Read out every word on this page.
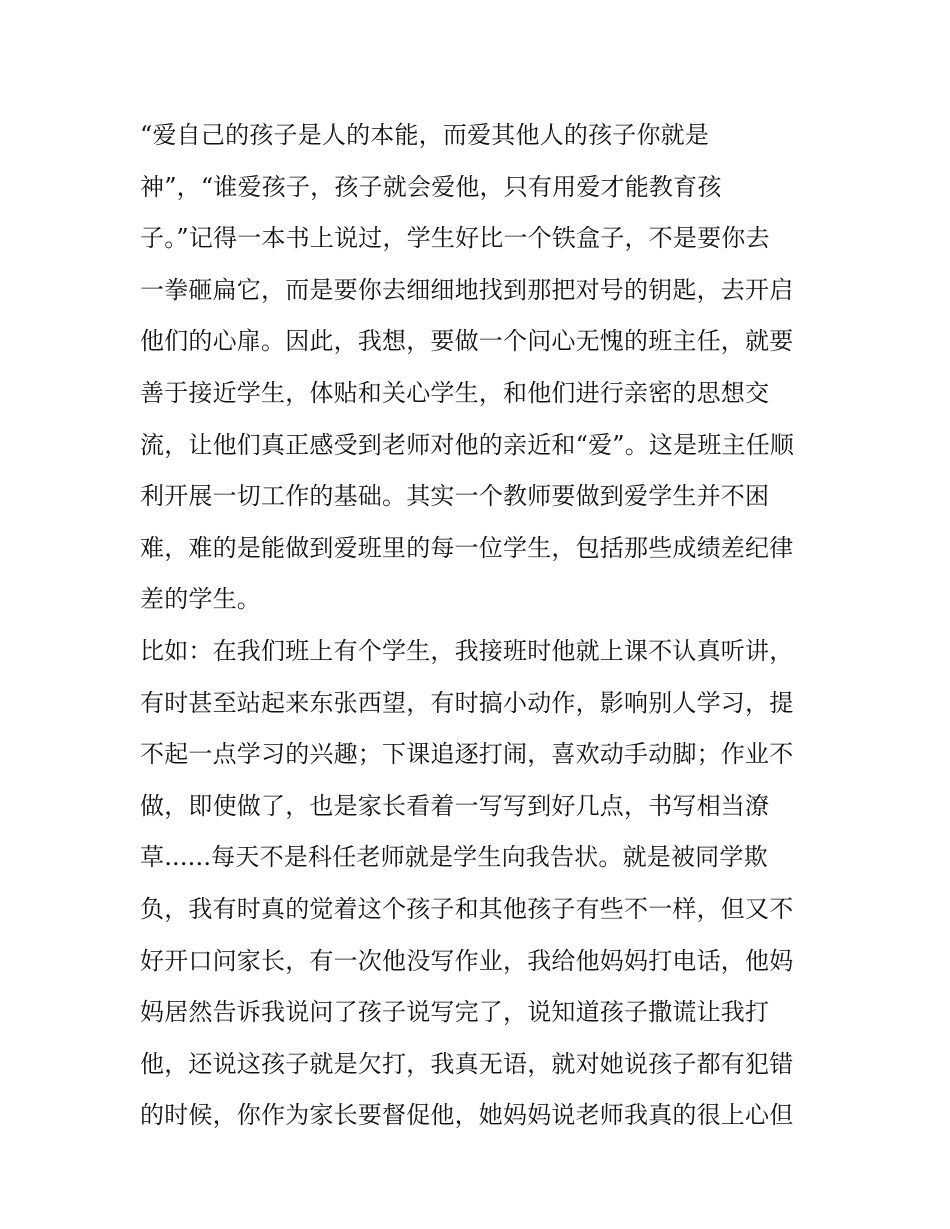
“爱自己的孩子是人的本能，而爱其他人的孩子你就是
神”，“谁爱孩子，孩子就会爱他，只有用爱才能教育孩
子。”记得一本书上说过，学生好比一个铁盒子，不是要你去
一拳砸扁它，而是要你去细细地找到那把对号的钥匙，去开启
他们的心扉。因此，我想，要做一个问心无愧的班主任，就要
善于接近学生，体贴和关心学生，和他们进行亲密的思想交
流，让他们真正感受到老师对他的亲近和“爱”。这是班主任顺
利开展一切工作的基础。其实一个教师要做到爱学生并不困
难，难的是能做到爱班里的每一位学生，包括那些成绩差纪律
差的学生。
比如：在我们班上有个学生，我接班时他就上课不认真听讲，
有时甚至站起来东张西望，有时搞小动作，影响别人学习，提
不起一点学习的兴趣；下课追逐打闹，喜欢动手动脚；作业不
做，即使做了，也是家长看着一写写到好几点，书写相当潦
草......每天不是科任老师就是学生向我告状。就是被同学欺
负，我有时真的觉着这个孩子和其他孩子有些不一样，但又不
好开口问家长，有一次他没写作业，我给他妈妈打电话，他妈
妈居然告诉我说问了孩子说写完了，说知道孩子撒谎让我打
他，还说这孩子就是欠打，我真无语，就对她说孩子都有犯错
的时候，你作为家长要督促他，她妈妈说老师我真的很上心但
